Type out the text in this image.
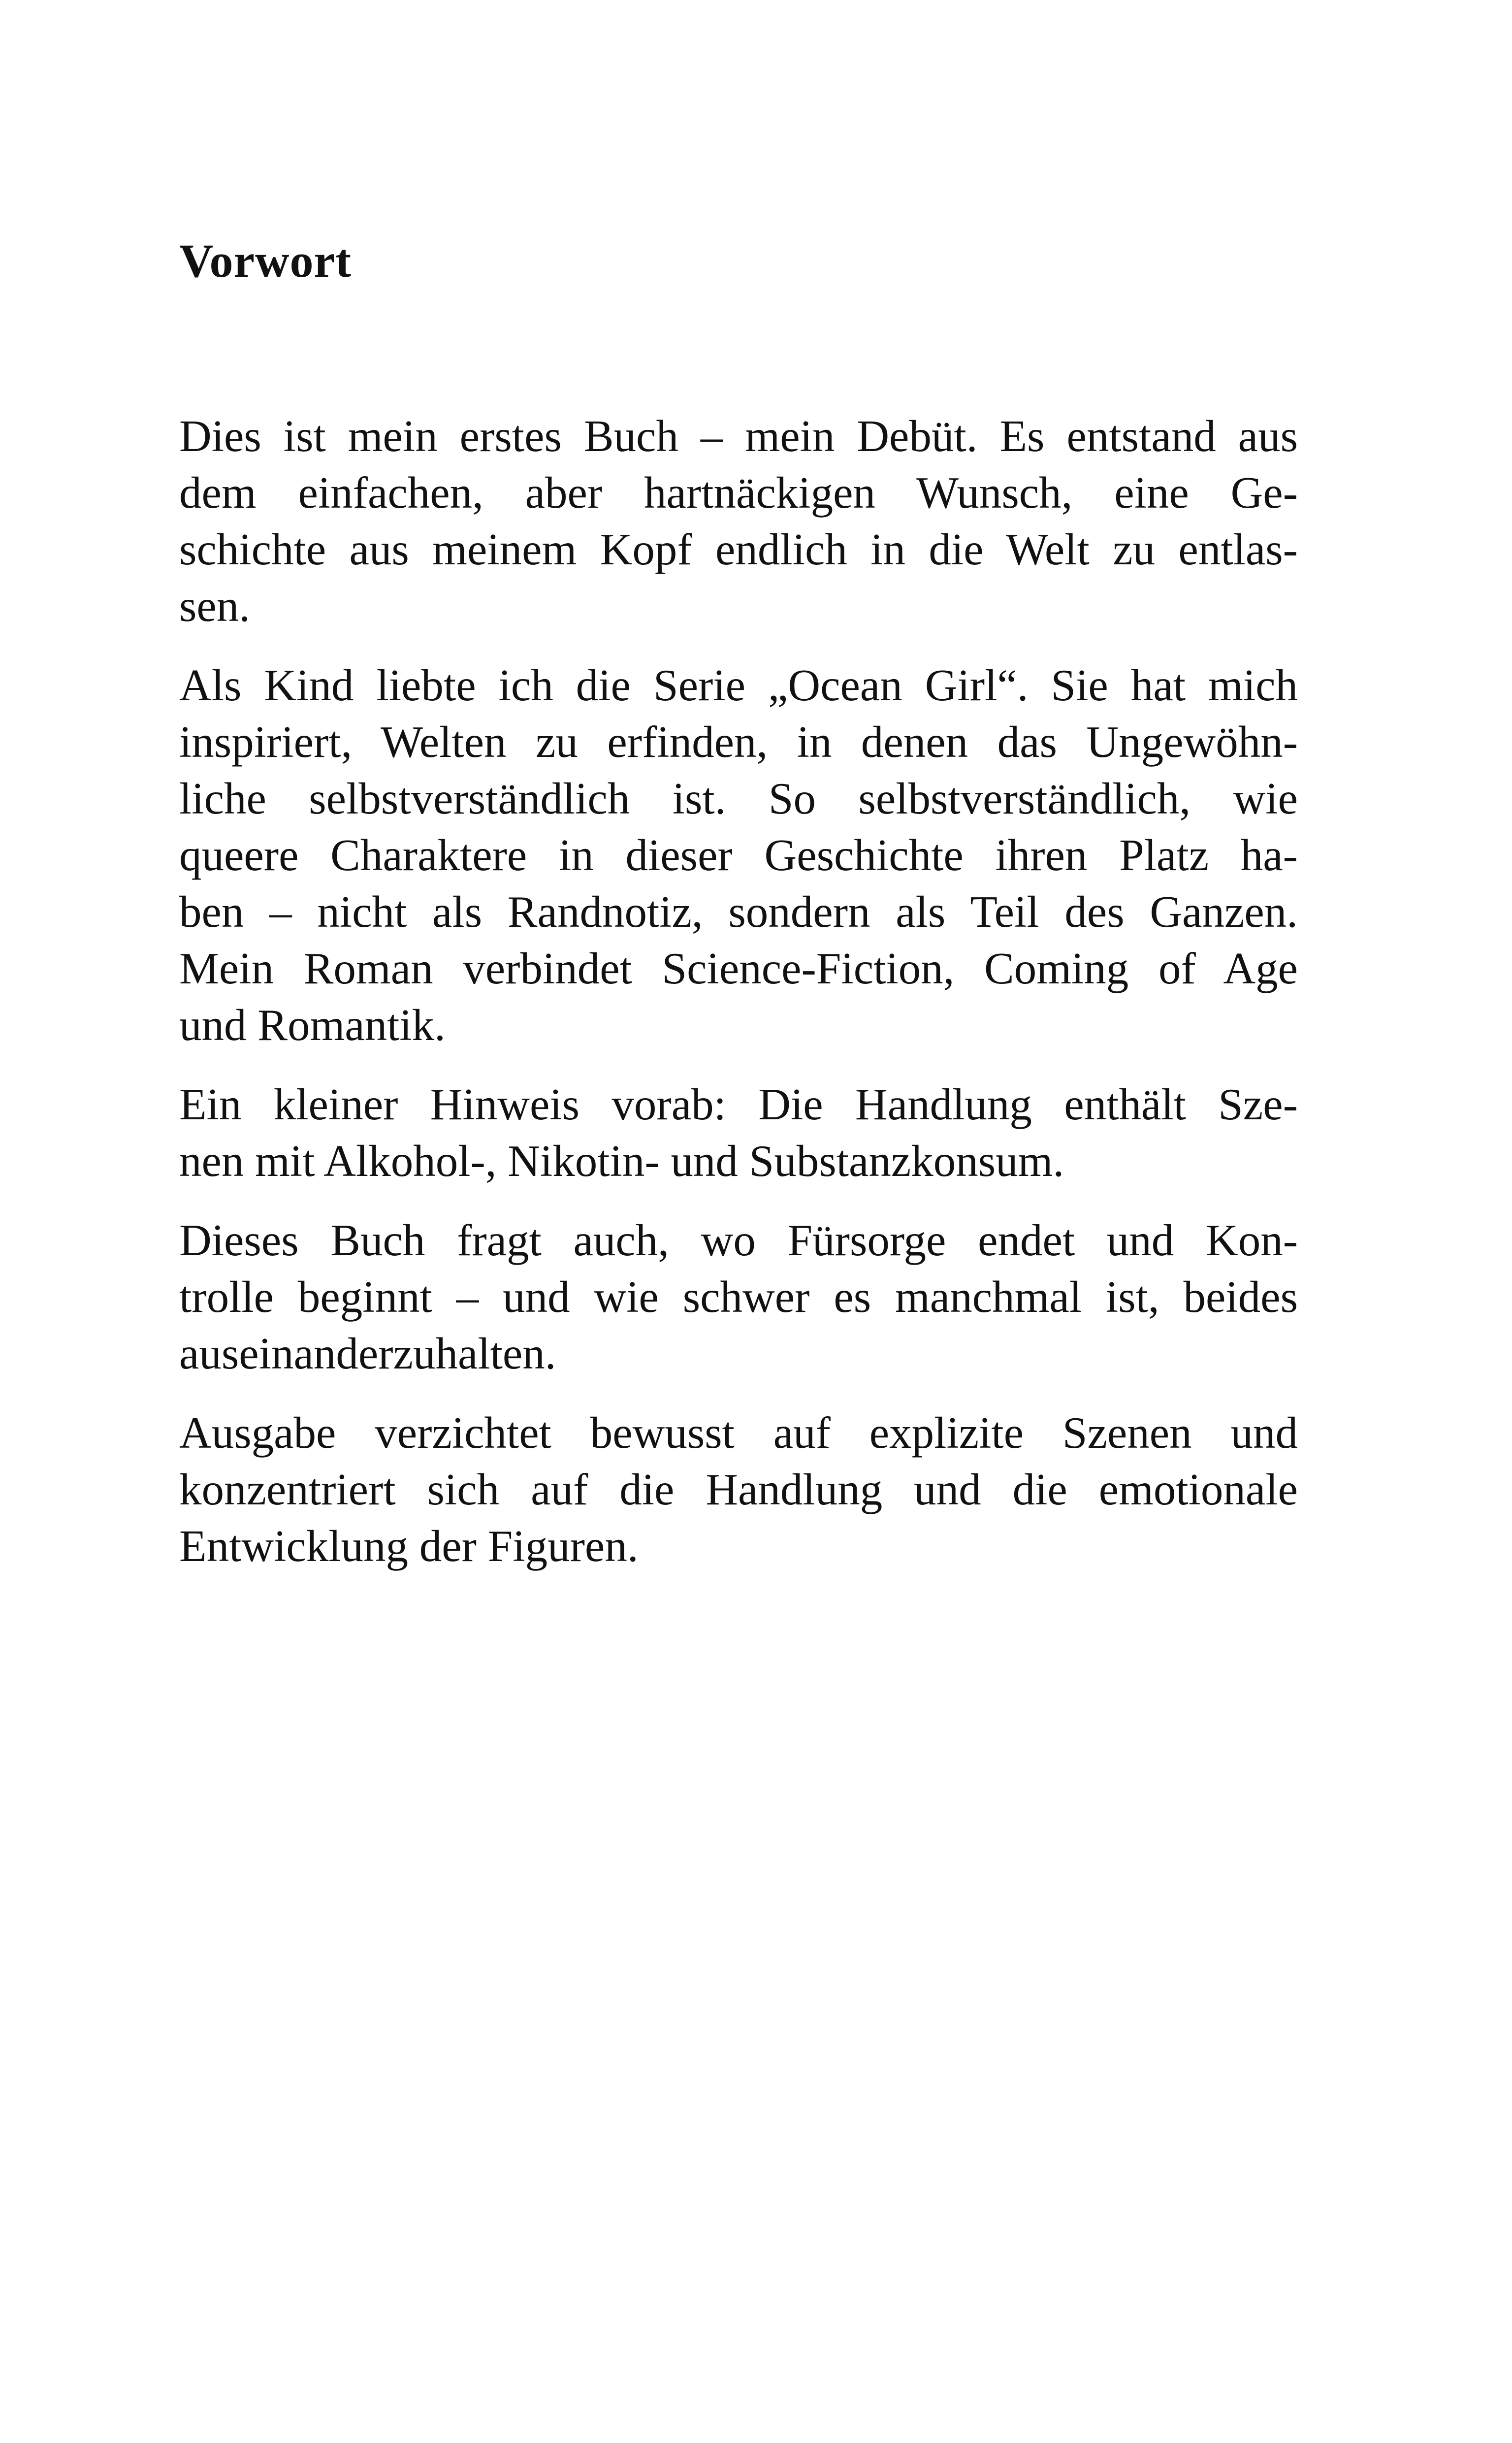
Vorwort

Dies ist mein erstes Buch – mein Debüt. Es entstand aus
dem einfachen, aber hartnäckigen Wunsch, eine Ge-
schichte aus meinem Kopf endlich in die Welt zu entlas-
sen.

Als Kind liebte ich die Serie „Ocean Girl“. Sie hat mich
inspiriert, Welten zu erfinden, in denen das Ungewöhn-
liche selbstverständlich ist. So selbstverständlich, wie
queere Charaktere in dieser Geschichte ihren Platz ha-
ben – nicht als Randnotiz, sondern als Teil des Ganzen.
Mein Roman verbindet Science-Fiction, Coming of Age
und Romantik.

Ein kleiner Hinweis vorab: Die Handlung enthält Sze-
nen mit Alkohol-, Nikotin- und Substanzkonsum.

Dieses Buch fragt auch, wo Fürsorge endet und Kon-
trolle beginnt – und wie schwer es manchmal ist, beides
auseinanderzuhalten.

Ausgabe verzichtet bewusst auf explizite Szenen und
konzentriert sich auf die Handlung und die emotionale
Entwicklung der Figuren.
